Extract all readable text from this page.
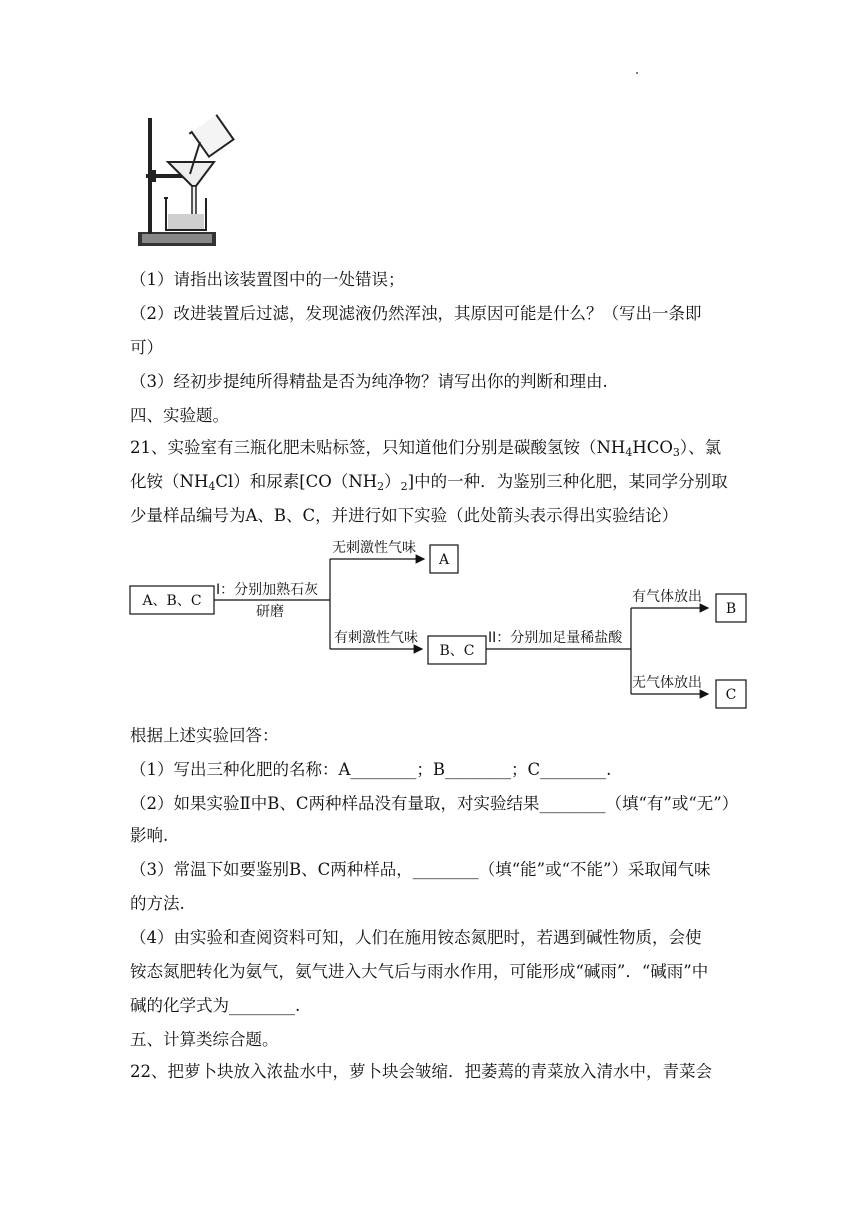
（1）请指出该装置图中的一处错误；
（2）改进装置后过滤，发现滤液仍然浑浊，其原因可能是什么？（写出一条即
可）
（3）经初步提纯所得精盐是否为纯净物？请写出你的判断和理由.
四、实验题。
21、实验室有三瓶化肥未贴标签，只知道他们分别是碳酸氢铵$(NH_4HCO_3)$、氯
化铵$(NH_4Cl)$和尿素$[CO(NH_2)_2]$中的一种．为鉴别三种化肥，某同学分别取
少量样品编号为A、B、C，并进行如下实验（此处箭头表示得出实验结论）
A、B、C
I：分别加熟石灰
研磨
无刺激性气味
A
有刺激性气味
B、C
II：分别加足量稀盐酸
有气体放出
B
无气体放出
C
根据上述实验回答：
（1）写出三种化肥的名称：A________；B________；C________.
（2）如果实验Ⅱ中B、C两种样品没有量取，对实验结果________（填“有”或“无”）
影响.
（3）常温下如要鉴别B、C两种样品，________（填“能”或“不能”）采取闻气味
的方法.
（4）由实验和查阅资料可知，人们在施用铵态氮肥时，若遇到碱性物质，会使
铵态氮肥转化为氨气，氨气进入大气后与雨水作用，可能形成“碱雨”．“碱雨”中
碱的化学式为________.
五、计算类综合题。
22、把萝卜块放入浓盐水中，萝卜块会皱缩．把萎蔫的青菜放入清水中，青菜会
